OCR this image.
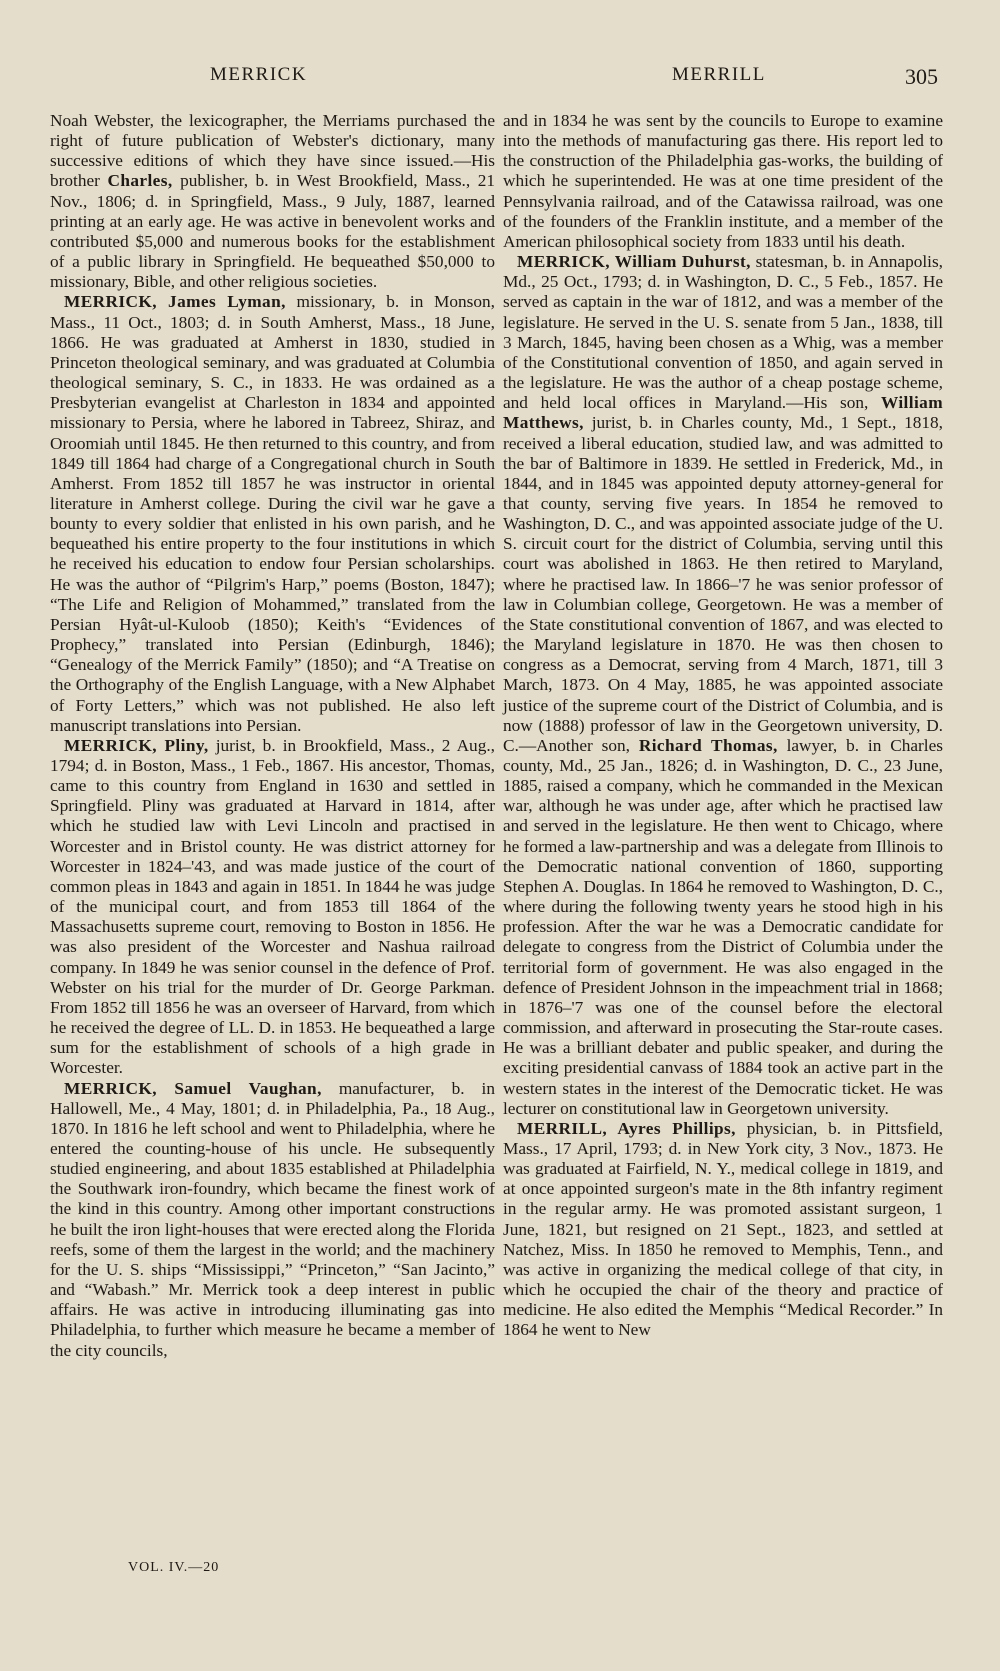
MERRICK	MERRILL	305

Noah Webster, the lexicographer, the Merriams purchased the right of future publication of Webster's dictionary, many successive editions of which they have since issued.—His brother Charles, publisher, b. in West Brookfield, Mass., 21 Nov., 1806; d. in Springfield, Mass., 9 July, 1887, learned printing at an early age. He was active in benevolent works and contributed $5,000 and numerous books for the establishment of a public library in Springfield. He bequeathed $50,000 to missionary, Bible, and other religious societies.

MERRICK, James Lyman, missionary, b. in Monson, Mass., 11 Oct., 1803; d. in South Amherst, Mass., 18 June, 1866. He was graduated at Amherst in 1830, studied in Princeton theological seminary, and was graduated at Columbia theological seminary, S. C., in 1833. He was ordained as a Presbyterian evangelist at Charleston in 1834 and appointed missionary to Persia, where he labored in Tabreez, Shiraz, and Oroomiah until 1845. He then returned to this country, and from 1849 till 1864 had charge of a Congregational church in South Amherst. From 1852 till 1857 he was instructor in oriental literature in Amherst college. During the civil war he gave a bounty to every soldier that enlisted in his own parish, and he bequeathed his entire property to the four institutions in which he received his education to endow four Persian scholarships. He was the author of “Pilgrim's Harp,” poems (Boston, 1847); “The Life and Religion of Mohammed,” translated from the Persian Hyât-ul-Kuloob (1850); Keith's “Evidences of Prophecy,” translated into Persian (Edinburgh, 1846); “Genealogy of the Merrick Family” (1850); and “A Treatise on the Orthography of the English Language, with a New Alphabet of Forty Letters,” which was not published. He also left manuscript translations into Persian.

MERRICK, Pliny, jurist, b. in Brookfield, Mass., 2 Aug., 1794; d. in Boston, Mass., 1 Feb., 1867. His ancestor, Thomas, came to this country from England in 1630 and settled in Springfield. Pliny was graduated at Harvard in 1814, after which he studied law with Levi Lincoln and practised in Worcester and in Bristol county. He was district attorney for Worcester in 1824–'43, and was made justice of the court of common pleas in 1843 and again in 1851. In 1844 he was judge of the municipal court, and from 1853 till 1864 of the Massachusetts supreme court, removing to Boston in 1856. He was also president of the Worcester and Nashua railroad company. In 1849 he was senior counsel in the defence of Prof. Webster on his trial for the murder of Dr. George Parkman. From 1852 till 1856 he was an overseer of Harvard, from which he received the degree of LL. D. in 1853. He bequeathed a large sum for the establishment of schools of a high grade in Worcester.

MERRICK, Samuel Vaughan, manufacturer, b. in Hallowell, Me., 4 May, 1801; d. in Philadelphia, Pa., 18 Aug., 1870. In 1816 he left school and went to Philadelphia, where he entered the counting-house of his uncle. He subsequently studied engineering, and about 1835 established at Philadelphia the Southwark iron-foundry, which became the finest work of the kind in this country. Among other important constructions he built the iron light-houses that were erected along the Florida reefs, some of them the largest in the world; and the machinery for the U. S. ships “Mississippi,” “Princeton,” “San Jacinto,” and “Wabash.” Mr. Merrick took a deep interest in public affairs. He was active in introducing illuminating gas into Philadelphia, to further which measure he became a member of the city councils,

and in 1834 he was sent by the councils to Europe to examine into the methods of manufacturing gas there. His report led to the construction of the Philadelphia gas-works, the building of which he superintended. He was at one time president of the Pennsylvania railroad, and of the Catawissa railroad, was one of the founders of the Franklin institute, and a member of the American philosophical society from 1833 until his death.

MERRICK, William Duhurst, statesman, b. in Annapolis, Md., 25 Oct., 1793; d. in Washington, D. C., 5 Feb., 1857. He served as captain in the war of 1812, and was a member of the legislature. He served in the U. S. senate from 5 Jan., 1838, till 3 March, 1845, having been chosen as a Whig, was a member of the Constitutional convention of 1850, and again served in the legislature. He was the author of a cheap postage scheme, and held local offices in Maryland.—His son, William Matthews, jurist, b. in Charles county, Md., 1 Sept., 1818, received a liberal education, studied law, and was admitted to the bar of Baltimore in 1839. He settled in Frederick, Md., in 1844, and in 1845 was appointed deputy attorney-general for that county, serving five years. In 1854 he removed to Washington, D. C., and was appointed associate judge of the U. S. circuit court for the district of Columbia, serving until this court was abolished in 1863. He then retired to Maryland, where he practised law. In 1866–'7 he was senior professor of law in Columbian college, Georgetown. He was a member of the State constitutional convention of 1867, and was elected to the Maryland legislature in 1870. He was then chosen to congress as a Democrat, serving from 4 March, 1871, till 3 March, 1873. On 4 May, 1885, he was appointed associate justice of the supreme court of the District of Columbia, and is now (1888) professor of law in the Georgetown university, D. C.—Another son, Richard Thomas, lawyer, b. in Charles county, Md., 25 Jan., 1826; d. in Washington, D. C., 23 June, 1885, raised a company, which he commanded in the Mexican war, although he was under age, after which he practised law and served in the legislature. He then went to Chicago, where he formed a law-partnership and was a delegate from Illinois to the Democratic national convention of 1860, supporting Stephen A. Douglas. In 1864 he removed to Washington, D. C., where during the following twenty years he stood high in his profession. After the war he was a Democratic candidate for delegate to congress from the District of Columbia under the territorial form of government. He was also engaged in the defence of President Johnson in the impeachment trial in 1868; in 1876–'7 was one of the counsel before the electoral commission, and afterward in prosecuting the Star-route cases. He was a brilliant debater and public speaker, and during the exciting presidential canvass of 1884 took an active part in the western states in the interest of the Democratic ticket. He was lecturer on constitutional law in Georgetown university.

MERRILL, Ayres Phillips, physician, b. in Pittsfield, Mass., 17 April, 1793; d. in New York city, 3 Nov., 1873. He was graduated at Fairfield, N. Y., medical college in 1819, and at once appointed surgeon's mate in the 8th infantry regiment in the regular army. He was promoted assistant surgeon, 1 June, 1821, but resigned on 21 Sept., 1823, and settled at Natchez, Miss. In 1850 he removed to Memphis, Tenn., and was active in organizing the medical college of that city, in which he occupied the chair of the theory and practice of medicine. He also edited the Memphis “Medical Recorder.” In 1864 he went to New

VOL. IV.—20
